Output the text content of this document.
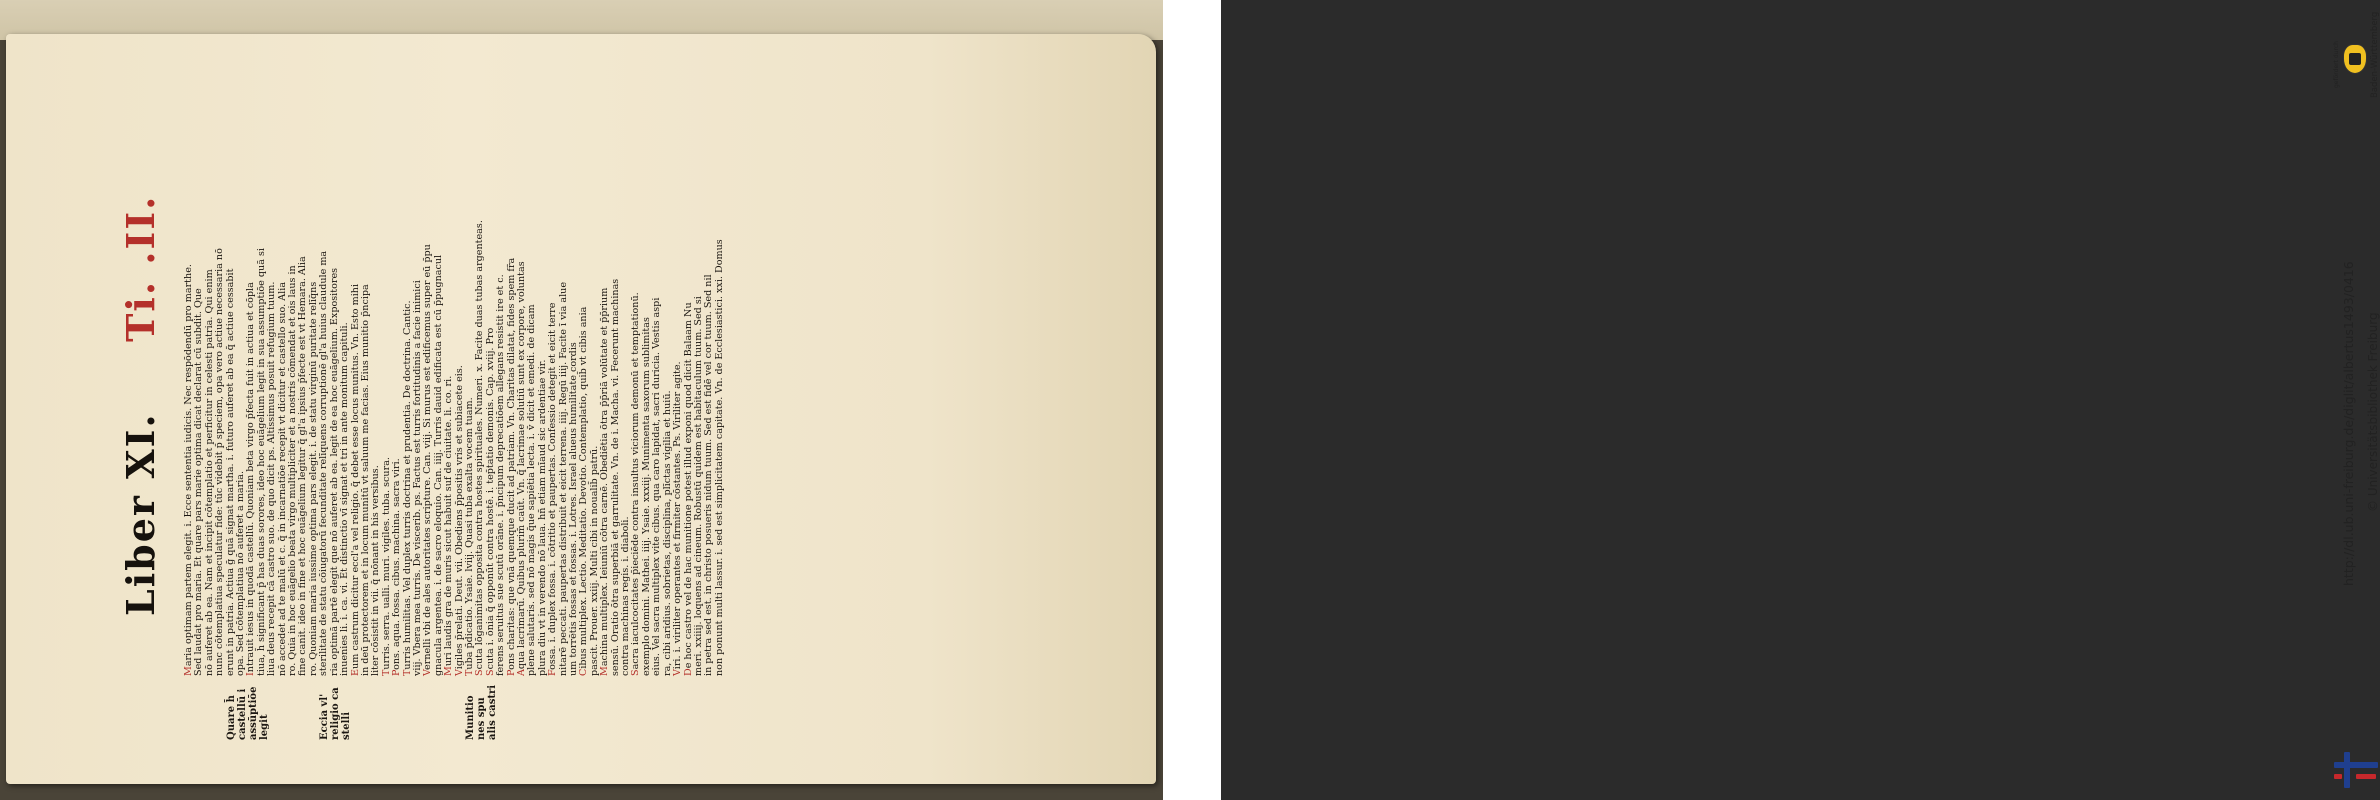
Liber XI.  Ti. .II.
Maria optimam partem elegit. i. Ecce sententia iudicis. Nec respōdendū pro marthe. Sed laudat pro maria. Et quare pars marie optima dicat declarat cū subdit. Que nō auferet ab ea. Nam et incipit cōtemplatio et perficitur in celesti patria. Qui enim nunc cōtemplatiua speculatur fide: tūc videbit p̄ speciem, opa vero actiue necessaria nō erunt in patria. Actiua ḡ quā signat martha. i. futuro auferet ab ea q̄ actiue cessabit opa. Sed cōtemplatiua nō auferet a maria. Intrauit iesus in quodā castellū. Quoniam beta virgo p̄fecta fuit in actiua et cōpla tiua, h̄ significant p̄ has duas sorores, ideo hoc euāgelium legit in sua assumptiōe quā si liua deus recepit cā castro suo. de quo dicit ps. Altissimus posuit refugium tuum. nō accedet ad te malū et c. q̄ in incarnatiōe recepit vt dicitur et castello suo. Alia ro. Quia in hoc euāgelio beata virgo multipliciter et a nostris cōmendat et ois laus in fine canit. ideo in fine et hoc euāgelium legitur q̄ gl'a ipsius p̄fecte est vt Hemara. Alia ro. Quoniam maria iussime optima pars elegit. i. de statu virginū puritate relīq̄ns sterilitate de statu cōiugatorū fecunditate relīquens corruptionē gl'a huius claudule ma ria optimā partē elegit que nō auferet ab ea. legit de ea hoc euāgelium. Expositores inuenies li. i. ca. vi. Et distinctio vī signat et tri in ante monitum capituli. Eum castrum dicitur eccl'a vel religio. q̄ debet esse locus munitus. Vn. Esto mihi in deū protectorem et in locum munitū vt saluum me facias. Eius munitio p̄ncipa liter cōsistit in vii. q̄ nōnant in his versibus. Turris. serra. ualli. muri. vigiles. tuba. scura.
Pons. aqua. fossa. cibus. machina. sacra viri.
Turris humilitas. Vel duplex turris doctrina et prudentia. De doctrina. Cantic. viij. Vbera mea turris. De viscerib. ps. Factus est turris fortitudinis a facie inimici Vernelli vbi de ales autoritates scripture. Can. viij. Si murus est edificemus super eū p̄pu gnacula argentea. i. de sacro eloquio. Can. iiij. Turris dauid edificata est cū p̄pugnacul Muri laudis gra de muris sicut habuit suf de ciuitate. li. co. ri.
Vigiles p̄relati. Deut. vii. Obediens p̄positis vris et subiacete eis.
Tuba p̄dicatio. Ysaie. lviij. Quasi tuba exalta vocem tuam.
Scuta lōganimitas opposita contra hostes spirituales. Numeri. x. Facite duas tubas argenteas.
Scuta i. ōnia q̄ opponūt contra hostē. i. tep̄tatio demonis. Cap. xviij. Pro ferens seruitus sue scutū orāne. i. p̄ncipum deprecatiōem allegans resistit ire et c. Pons charitas: que vnā quemque ducit ad patriam. Vn. Charitas dilatat, fides spem fr̄a
Aqua lacrimarū. Quibus plurim̄ caūt. Vn. q̄ lacrimae solutiū sunt ex corpore, voluntas plene salutaris. sed nō magis q̄ue sapiētia lecta. i. v̄ dicit et emedi. de dicam plura diu vt in verendo nō laua. hn̄ etiam mīaud sic ardentiae vir. Fossa. i. duplex fossa. i. cōtritio et paupertas. Confessio detegit et eicit terre nitarē peccati. paupertas distribuit et eicit terrena. iiij. Regū iiij. Facite ī via alue um torrētis fossas et fossas. i. Lotres. Israel alueus humilitate cordis Cibus multiplex. Lectio. Meditatio. Devotio. Contemplatio, quib̄ vt cibis ania pascit. Prouer. xxiij. Multi cibi in noualib̄ patrū. Machina multiplex. Ieiuniū cōtra carnē. Obediētia ōtra p̄p̄riā volūtate et p̄p̄rium sensū. Oratio ōtra superbiā et garrulitate. Vn. de i. Macha. vi. Fecerunt machinas contra machinas regis. i. diaboli. Sacra iaculcocitates p̄ieciēde contra insultus viciorum demonū et temptationū. exemplo domini. Mathei. iiij. Ysaie. xxxiij. Munimenta saxorum sublimitas eius. Vel sacra multiplex vite cibus. qua caro lapidat, sacri duricia. Vestis aspi ra, cibi aridius. sobrietas, disciplina, plīctas vigilia et huiū. Viri. i. viriliter operantes et firmiter cōstantes. Ps. Viriliter agite.
De hoc castro vel de hac munitione potest illud exponi quod dicit Balaam Nu meri. xxiiij. loquens ad cineum. Robustū quidem est habitaculum tuum. Sed si in petra sed est. in christo posueris nidum tuum. Sed est fidē vel cor tuum. Sed nil non ponunt multi lassur. i. sed est simplicitatem capitate. Vn. de Ecclesiastici. xxi. Domus
Quare h̄ castellū i assūptiōe legit	Eccia vl' religio ca stelli	Munitio nes spu alis castri
gefördert durch	Baden-Württemberg
http://dl.ub.uni-freiburg.de/diglit/albertus1493/0416 © Universitätsbibliothek Freiburg
